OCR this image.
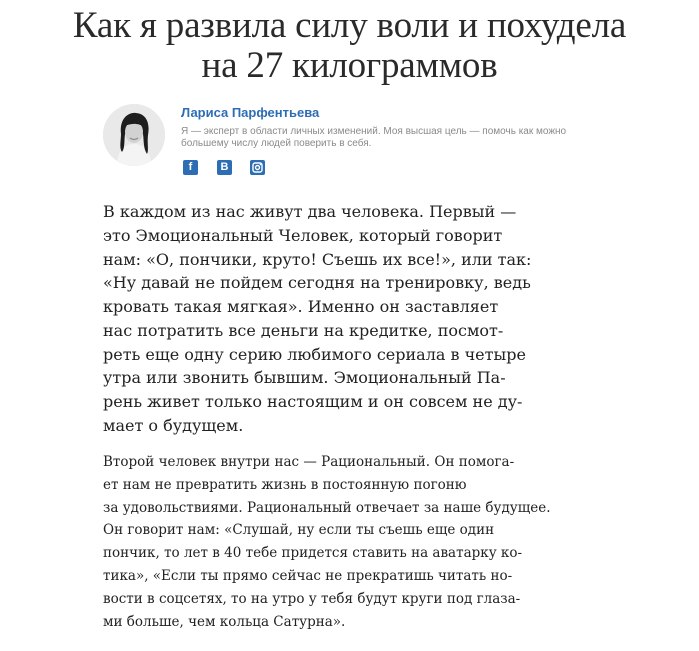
Как я развила силу воли и похудела
на 27 килограммов
Лариса Парфентьева
Я — эксперт в области личных изменений. Моя высшая цель — помочь как можно
большему числу людей поверить в себя.
f	B

В каждом из нас живут два человека. Первый —
это Эмоциональный Человек, который говорит
нам: «О, пончики, круто! Съешь их все!», или так:
«Ну давай не пойдем сегодня на тренировку, ведь
кровать такая мягкая». Именно он заставляет
нас потратить все деньги на кредитке, посмот-
реть еще одну серию любимого сериала в четыре
утра или звонить бывшим. Эмоциональный Па-
рень живет только настоящим и он совсем не ду-
мает о будущем.

Второй человек внутри нас — Рациональный. Он помога-
ет нам не превратить жизнь в постоянную погоню
за удовольствиями. Рациональный отвечает за наше будущее.
Он говорит нам: «Слушай, ну если ты съешь еще один
пончик, то лет в 40 тебе придется ставить на аватарку ко-
тика», «Если ты прямо сейчас не прекратишь читать но-
вости в соцсетях, то на утро у тебя будут круги под глаза-
ми больше, чем кольца Сатурна».
